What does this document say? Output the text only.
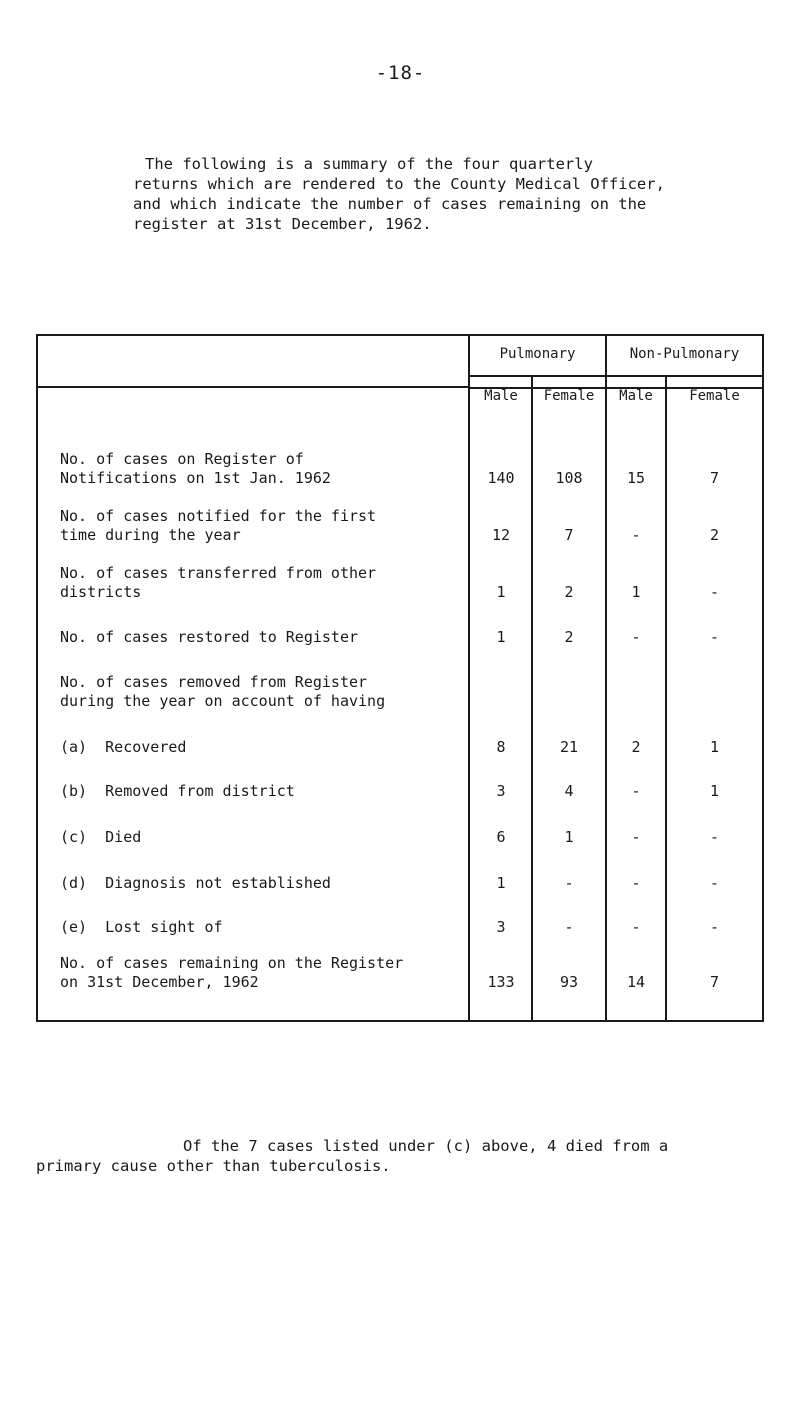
-18-
The following is a summary of the four quarterly
returns which are rendered to the County Medical Officer,
and which indicate the number of cases remaining on the
register at 31st December, 1962.
Pulmonary	Non-Pulmonary
Male	Female	Male	Female
No. of cases on Register of
Notifications on 1st Jan. 1962	140	108	15	7
No. of cases notified for the first
time during the year	12	7	-	2
No. of cases transferred from other
districts	1	2	1	-
No. of cases restored to Register	1	2	-	-
No. of cases removed from Register
during the year on account of having
(a)  Recovered	8	21	2	1
(b)  Removed from district	3	4	-	1
(c)  Died	6	1	-	-
(d)  Diagnosis not established	1	-	-	-
(e)  Lost sight of	3	-	-	-
No. of cases remaining on the Register
on 31st December, 1962	133	93	14	7
Of the 7 cases listed under (c) above, 4 died from a
primary cause other than tuberculosis.
